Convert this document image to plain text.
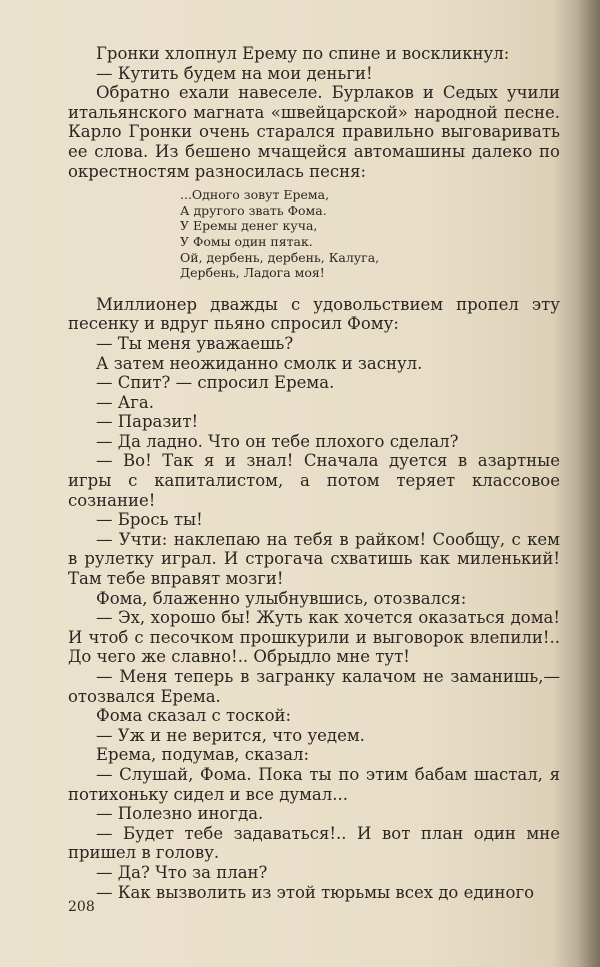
Гронки хлопнул Ерему по спине и воскликнул:

— Кутить будем на мои деньги!

Обратно ехали навеселе. Бурлаков и Седых учили итальянского магната «швейцарской» народной песне. Карло Гронки очень старался правильно выговаривать ее слова. Из бешено мчащейся автомашины далеко по окрестностям разносилась песня:

...Одного зовут Ерема,
А другого звать Фома.
У Еремы денег куча,
У Фомы один пятак.
Ой, дербень, дербень, Калуга,
Дербень, Ладога моя!

Миллионер дважды с удовольствием пропел эту песенку и вдруг пьяно спросил Фому:

— Ты меня уважаешь?

А затем неожиданно смолк и заснул.

— Спит? — спросил Ерема.

— Ага.

— Паразит!

— Да ладно. Что он тебе плохого сделал?

— Во! Так я и знал! Сначала дуется в азартные игры с капиталистом, а потом теряет классовое сознание!

— Брось ты!

— Учти: наклепаю на тебя в райком! Сообщу, с кем в рулетку играл. И строгача схватишь как миленький! Там тебе вправят мозги!

Фома, блаженно улыбнувшись, отозвался:

— Эх, хорошо бы! Жуть как хочется оказаться дома! И чтоб с песочком прошкурили и выговорок влепили!.. До чего же славно!.. Обрыдло мне тут!

— Меня теперь в загранку калачом не заманишь,— отозвался Ерема.

Фома сказал с тоской:

— Уж и не верится, что уедем.

Ерема, подумав, сказал:

— Слушай, Фома. Пока ты по этим бабам шастал, я потихоньку сидел и все думал...

— Полезно иногда.

— Будет тебе задаваться!.. И вот план один мне пришел в голову.

— Да? Что за план?

— Как вызволить из этой тюрьмы всех до единого

208
